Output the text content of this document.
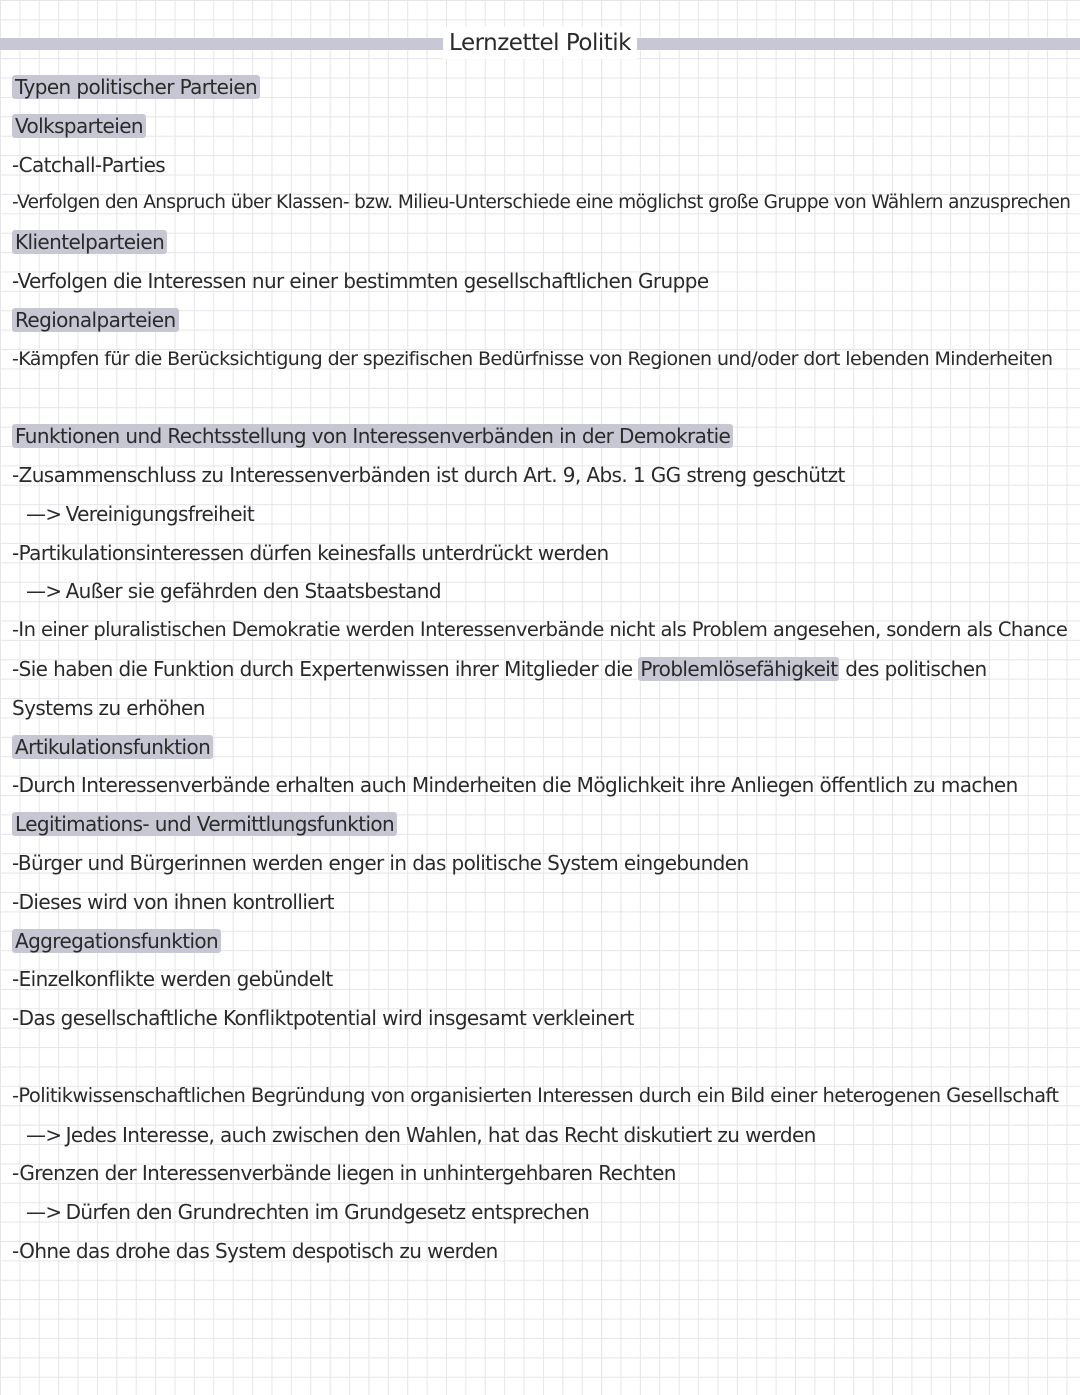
Lernzettel Politik
Typen politischer Parteien
Volksparteien
-Catchall-Parties
-Verfolgen den Anspruch über Klassen- bzw. Milieu-Unterschiede eine möglichst große Gruppe von Wählern anzusprechen
Klientelparteien
-Verfolgen die Interessen nur einer bestimmten gesellschaftlichen Gruppe
Regionalparteien
-Kämpfen für die Berücksichtigung der spezifischen Bedürfnisse von Regionen und/oder dort lebenden Minderheiten
Funktionen und Rechtsstellung von Interessenverbänden in der Demokratie
-Zusammenschluss zu Interessenverbänden ist durch Art. 9, Abs. 1 GG streng geschützt
—> Vereinigungsfreiheit
-Partikulationsinteressen dürfen keinesfalls unterdrückt werden
—> Außer sie gefährden den Staatsbestand
-In einer pluralistischen Demokratie werden Interessenverbände nicht als Problem angesehen, sondern als Chance
-Sie haben die Funktion durch Expertenwissen ihrer Mitglieder die Problemlösefähigkeit des politischen Systems zu erhöhen
Artikulationsfunktion
-Durch Interessenverbände erhalten auch Minderheiten die Möglichkeit ihre Anliegen öffentlich zu machen
Legitimations- und Vermittlungsfunktion
-Bürger und Bürgerinnen werden enger in das politische System eingebunden
-Dieses wird von ihnen kontrolliert
Aggregationsfunktion
-Einzelkonflikte werden gebündelt
-Das gesellschaftliche Konfliktpotential wird insgesamt verkleinert
-Politikwissenschaftlichen Begründung von organisierten Interessen durch ein Bild einer heterogenen Gesellschaft
—> Jedes Interesse, auch zwischen den Wahlen, hat das Recht diskutiert zu werden
-Grenzen der Interessenverbände liegen in unhintergehbaren Rechten
—> Dürfen den Grundrechten im Grundgesetz entsprechen
-Ohne das drohe das System despotisch zu werden
